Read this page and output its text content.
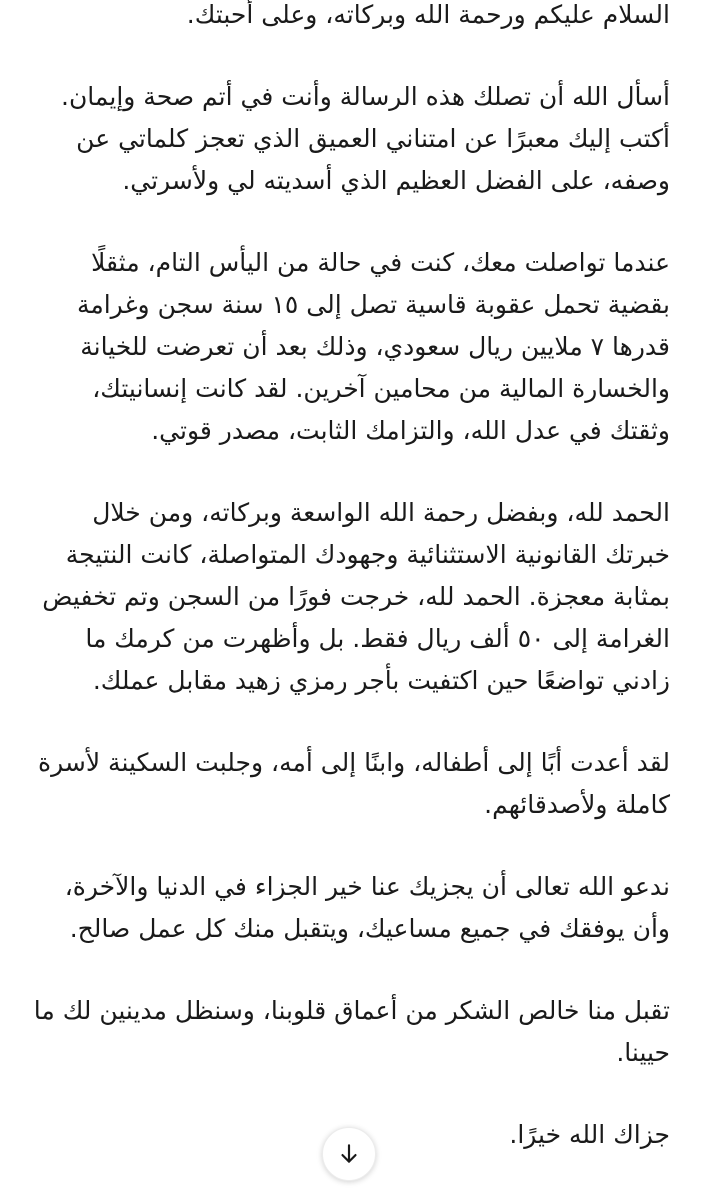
السلام عليكم ورحمة الله وبركاته، وعلى أحبتك.

أسأل الله أن تصلك هذه الرسالة وأنت في أتم صحة وإيمان. أكتب إليك معبرًا عن امتناني العميق الذي تعجز كلماتي عن وصفه، على الفضل العظيم الذي أسديته لي ولأسرتي.

عندما تواصلت معك، كنت في حالة من اليأس التام، مثقلًا بقضية تحمل عقوبة قاسية تصل إلى ١٥ سنة سجن وغرامة قدرها ٧ ملايين ريال سعودي، وذلك بعد أن تعرضت للخيانة والخسارة المالية من محامين آخرين. لقد كانت إنسانيتك، وثقتك في عدل الله، والتزامك الثابت، مصدر قوتي.

الحمد لله، وبفضل رحمة الله الواسعة وبركاته، ومن خلال خبرتك القانونية الاستثنائية وجهودك المتواصلة، كانت النتيجة بمثابة معجزة. الحمد لله، خرجت فورًا من السجن وتم تخفيض الغرامة إلى ٥٠ ألف ريال فقط. بل وأظهرت من كرمك ما زادني تواضعًا حين اكتفيت بأجر رمزي زهيد مقابل عملك.

لقد أعدت أبًا إلى أطفاله، وابنًا إلى أمه، وجلبت السكينة لأسرة كاملة ولأصدقائهم.

ندعو الله تعالى أن يجزيك عنا خير الجزاء في الدنيا والآخرة، وأن يوفقك في جميع مساعيك، ويتقبل منك كل عمل صالح.

تقبل منا خالص الشكر من أعماق قلوبنا، وسنظل مدينين لك ما حيينا.

جزاك الله خيرًا.
